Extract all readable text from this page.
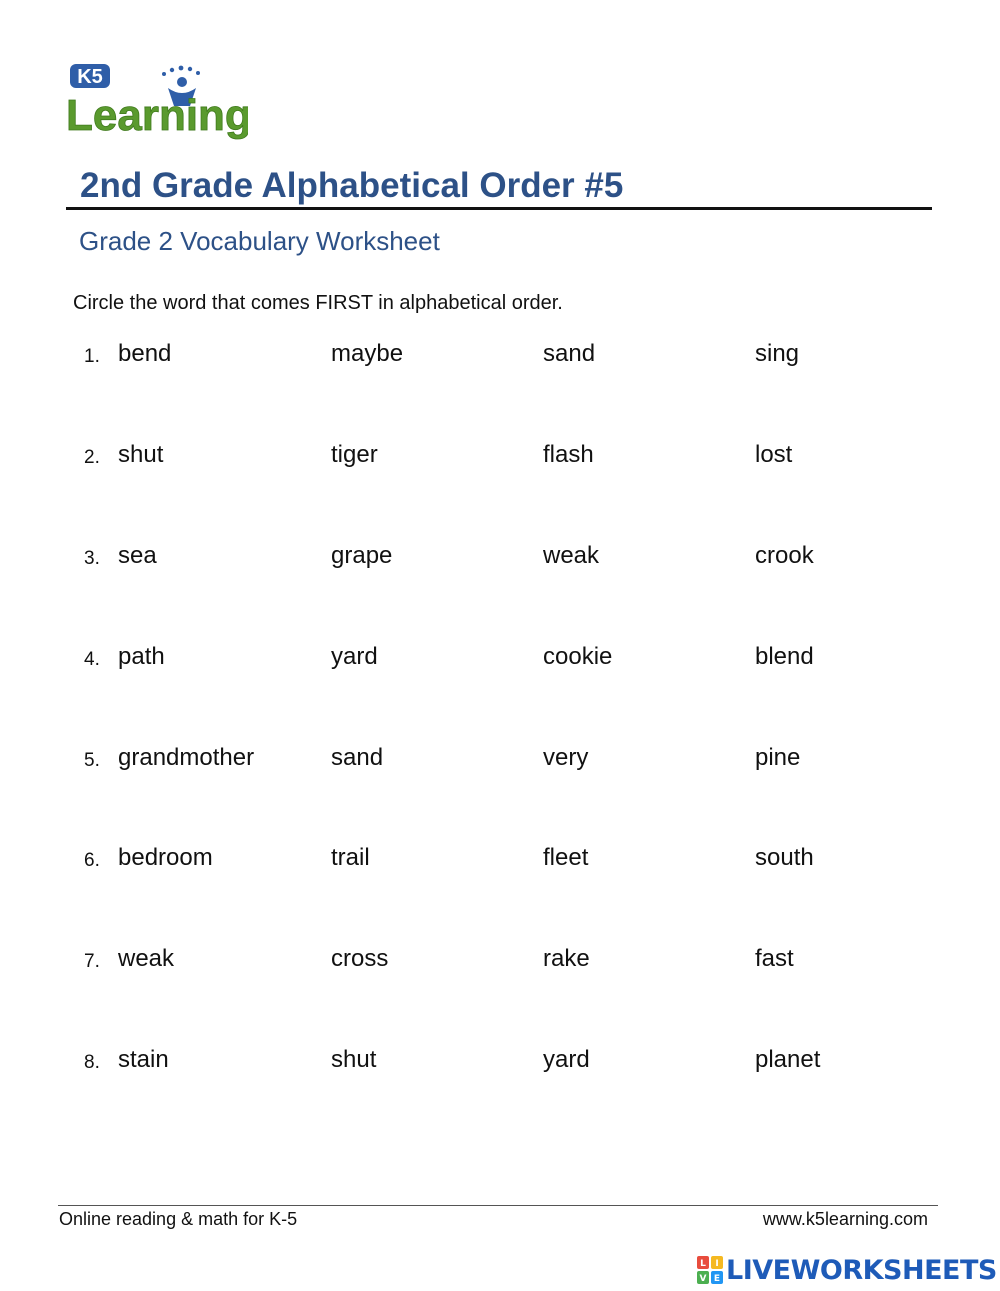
K5
Learning
2nd Grade Alphabetical Order #5
Grade 2 Vocabulary Worksheet
Circle the word that comes FIRST in alphabetical order.
1. bend	maybe	sand	sing
2. shut	tiger	flash	lost
3. sea	grape	weak	crook
4. path	yard	cookie	blend
5. grandmother	sand	very	pine
6. bedroom	trail	fleet	south
7. weak	cross	rake	fast
8. stain	shut	yard	planet
Online reading & math for K-5	www.k5learning.com
L I
V E LIVEWORKSHEETS
